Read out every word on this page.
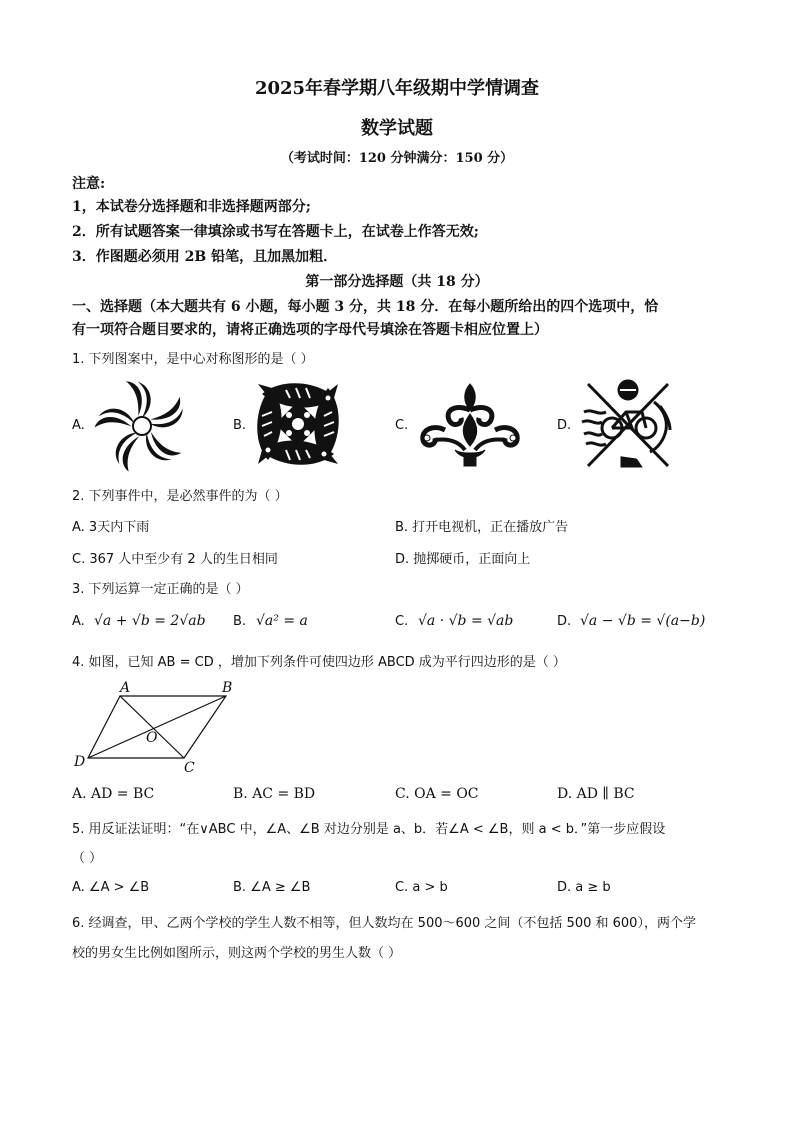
2025年春学期八年级期中学情调查
数学试题
（考试时间：120 分钟满分：150 分）
注意:
1，本试卷分选择题和非选择题两部分;
2．所有试题答案一律填涂或书写在答题卡上，在试卷上作答无效;
3．作图题必须用 2B 铅笔，且加黑加粗．
第一部分选择题（共 18 分）
一、选择题（本大题共有 6 小题，每小题 3 分，共 18 分．在每小题所给出的四个选项中，恰
有一项符合题目要求的，请将正确选项的字母代号填涂在答题卡相应位置上）
1. 下列图案中，是中心对称图形的是（ ）
A.	B.	C.	D.
2. 下列事件中，是必然事件的为（ ）
A. 3天内下雨	B. 打开电视机，正在播放广告
C. 367 人中至少有 2 人的生日相同	D. 抛掷硬币，正面向上
3. 下列运算一定正确的是（ ）
A. √a + √b = 2√ab B. √a² = a	C. √a · √b = √ab	D. √a − √b = √(a−b)
4. 如图，已知 AB = CD ，增加下列条件可使四边形 ABCD 成为平行四边形的是（ ）
A	B
C
D
O
A. AD = BC	B. AC = BD	C. OA = OC	D. AD ∥ BC
5. 用反证法证明：“在∨ABC 中，∠A、∠B 对边分别是 a、b．若∠A < ∠B，则 a < b．”第一步应假设
（ ）
A. ∠A > ∠B	B. ∠A ≥ ∠B	C. a > b	D. a ≥ b
6. 经调查，甲、乙两个学校的学生人数不相等，但人数均在 500～600 之间（不包括 500 和 600），两个学
校的男女生比例如图所示，则这两个学校的男生人数（ ）
